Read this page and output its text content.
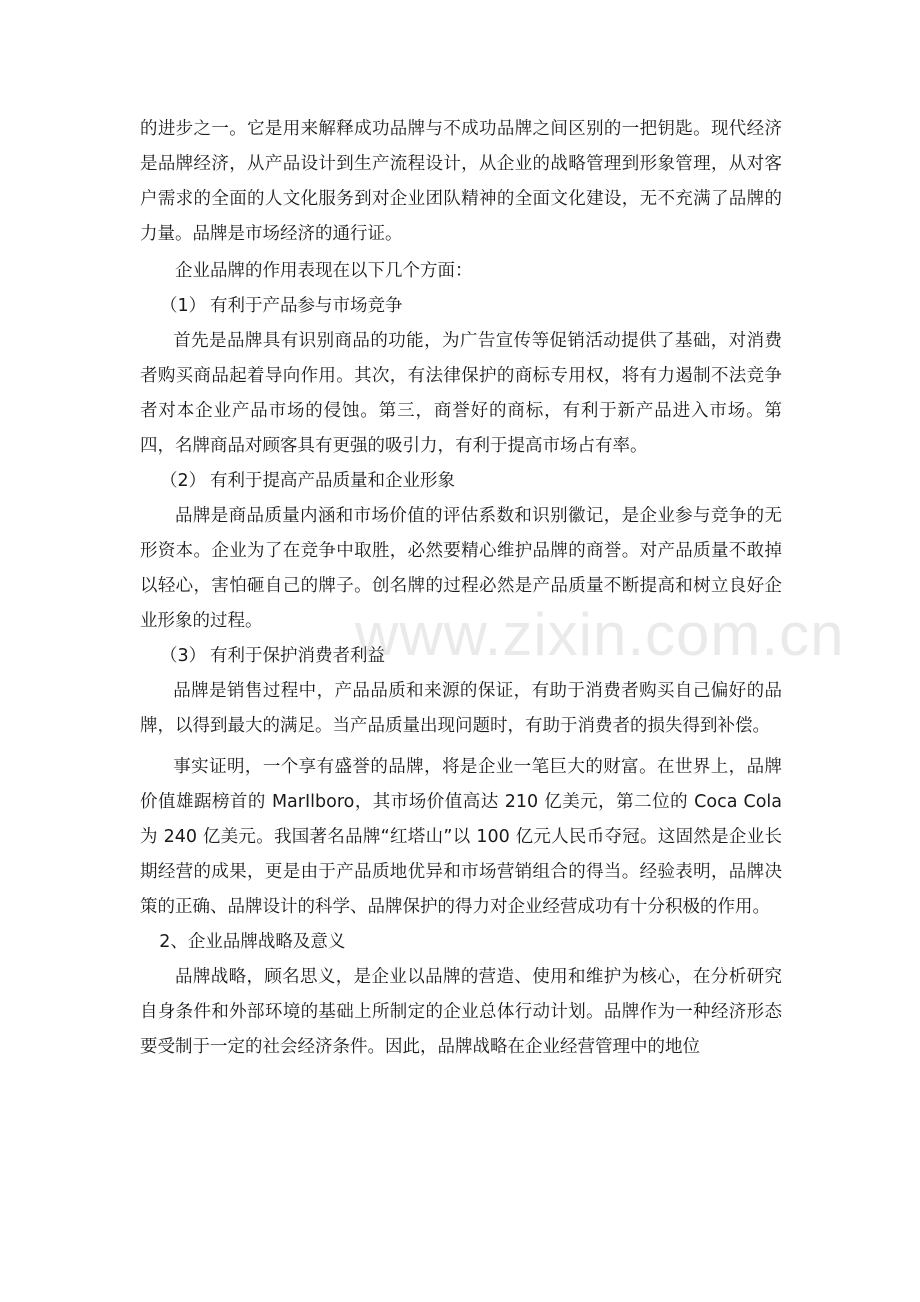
的进步之一。它是用来解释成功品牌与不成功品牌之间区别的一把钥匙。现代经济是品牌经济，从产品设计到生产流程设计，从企业的战略管理到形象管理，从对客户需求的全面的人文化服务到对企业团队精神的全面文化建设，无不充满了品牌的力量。品牌是市场经济的通行证。

企业品牌的作用表现在以下几个方面：

（1） 有利于产品参与市场竞争

首先是品牌具有识别商品的功能，为广告宣传等促销活动提供了基础，对消费者购买商品起着导向作用。其次，有法律保护的商标专用权，将有力遏制不法竞争者对本企业产品市场的侵蚀。第三，商誉好的商标，有利于新产品进入市场。第四，名牌商品对顾客具有更强的吸引力，有利于提高市场占有率。

（2） 有利于提高产品质量和企业形象

品牌是商品质量内涵和市场价值的评估系数和识别徽记，是企业参与竞争的无形资本。企业为了在竞争中取胜，必然要精心维护品牌的商誉。对产品质量不敢掉以轻心，害怕砸自己的牌子。创名牌的过程必然是产品质量不断提高和树立良好企业形象的过程。

（3） 有利于保护消费者利益

品牌是销售过程中，产品品质和来源的保证，有助于消费者购买自己偏好的品牌，以得到最大的满足。当产品质量出现问题时，有助于消费者的损失得到补偿。

事实证明，一个享有盛誉的品牌，将是企业一笔巨大的财富。在世界上，品牌价值雄踞榜首的 MarIlboro，其市场价值高达 210 亿美元，第二位的 Coca Cola 为 240 亿美元。我国著名品牌“红塔山”以 100 亿元人民币夺冠。这固然是企业长期经营的成果，更是由于产品质地优异和市场营销组合的得当。经验表明，品牌决策的正确、品牌设计的科学、品牌保护的得力对企业经营成功有十分积极的作用。

2、企业品牌战略及意义

品牌战略，顾名思义，是企业以品牌的营造、使用和维护为核心，在分析研究自身条件和外部环境的基础上所制定的企业总体行动计划。品牌作为一种经济形态要受制于一定的社会经济条件。因此，品牌战略在企业经营管理中的地位

www.zixin.com.cn
